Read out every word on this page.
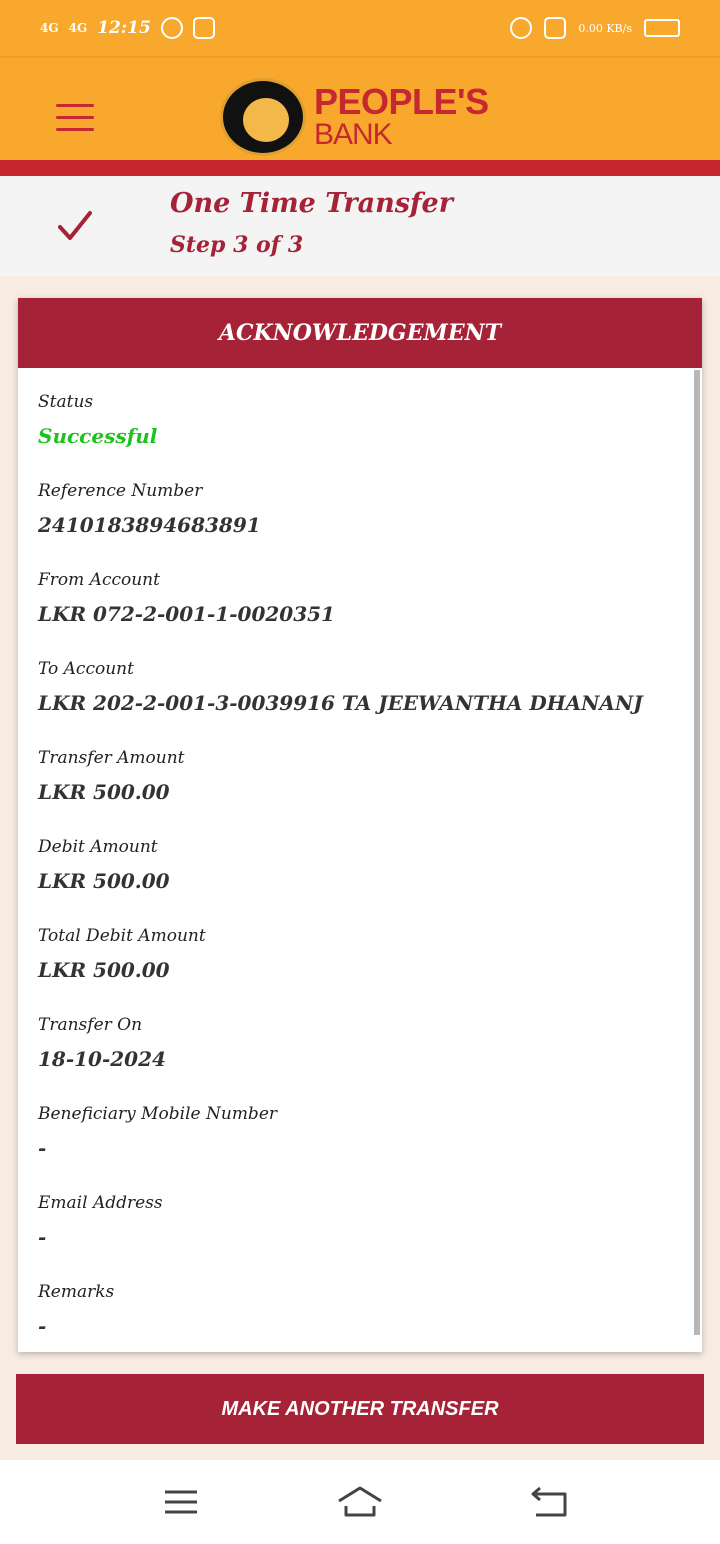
4G 4G 12:15	0.00 KB/s	91
PEOPLE'S
BANK
One Time Transfer
Step 3 of 3
ACKNOWLEDGEMENT
Status
Successful
Reference Number
2410183894683891
From Account
LKR 072-2-001-1-0020351
To Account
LKR 202-2-001-3-0039916 TA JEEWANTHA DHANANJ
Transfer Amount
LKR 500.00
Debit Amount
LKR 500.00
Total Debit Amount
LKR 500.00
Transfer On
18-10-2024
Beneficiary Mobile Number
-
Email Address
-
Remarks
-
MAKE ANOTHER TRANSFER
